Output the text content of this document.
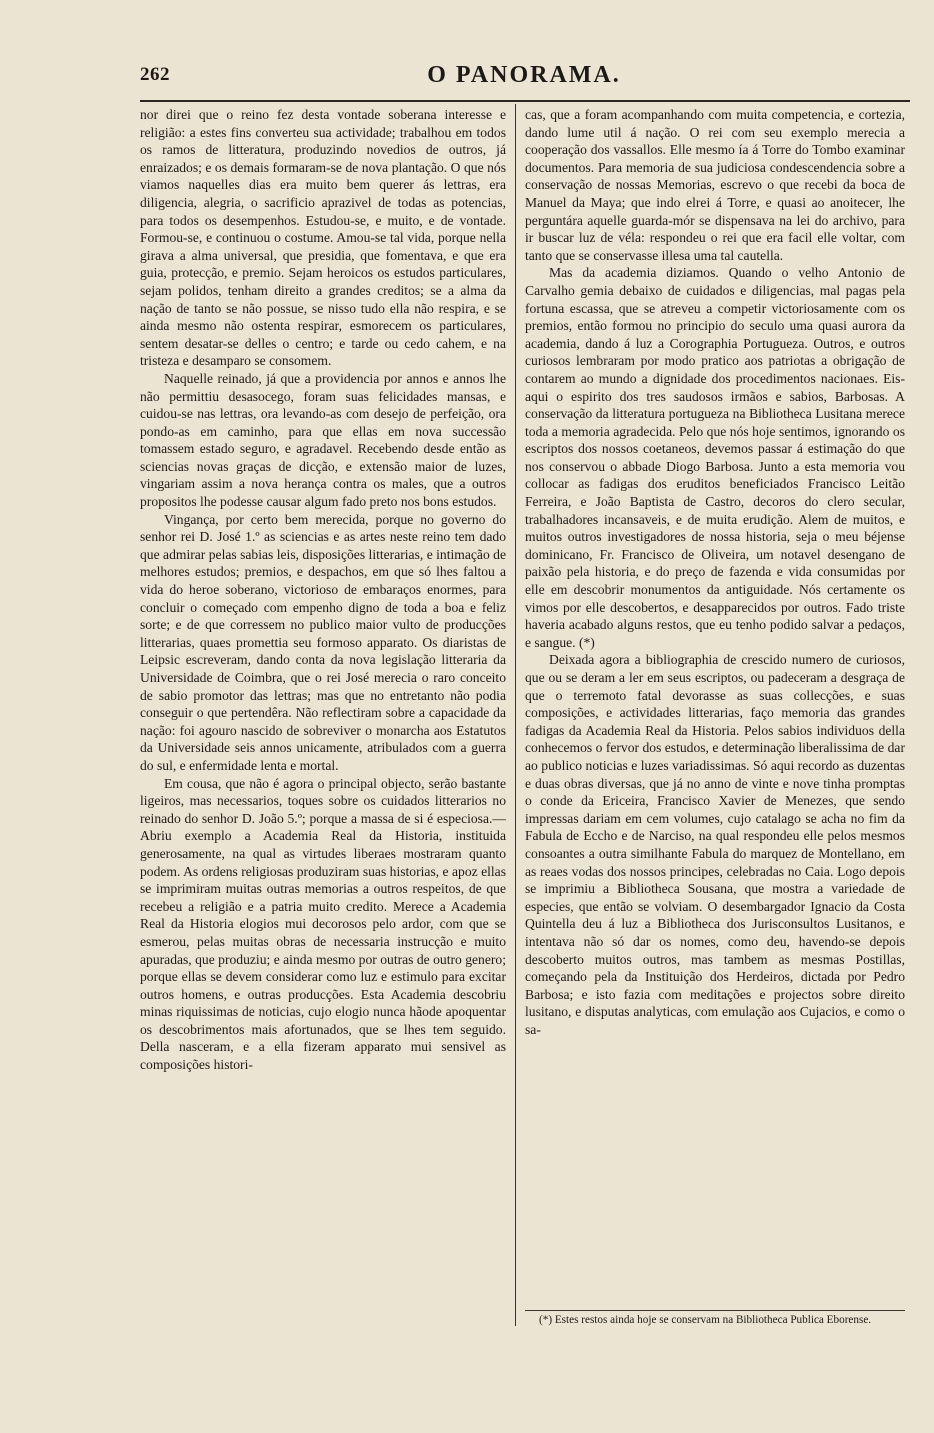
262	O PANORAMA.

nor direi que o reino fez desta vontade soberana interesse e religião: a estes fins converteu sua actividade; trabalhou em todos os ramos de litteratura, produzindo novedios de outros, já enraizados; e os demais formaram-se de nova plantação. O que nós viamos naquelles dias era muito bem querer ás lettras, era diligencia, alegria, o sacrificio aprazivel de todas as potencias, para todos os desempenhos. Estudou-se, e muito, e de vontade. Formou-se, e continuou o costume. Amou-se tal vida, porque nella girava a alma universal, que presidia, que fomentava, e que era guia, protecção, e premio. Sejam heroicos os estudos particulares, sejam polidos, tenham direito a grandes creditos; se a alma da nação de tanto se não possue, se nisso tudo ella não respira, e se ainda mesmo não ostenta respirar, esmorecem os particulares, sentem desatar-se delles o centro; e tarde ou cedo cahem, e na tristeza e desamparo se consomem.

Naquelle reinado, já que a providencia por annos e annos lhe não permittiu desasocego, foram suas felicidades mansas, e cuidou-se nas lettras, ora levando-as com desejo de perfeição, ora pondo-as em caminho, para que ellas em nova successão tomassem estado seguro, e agradavel. Recebendo desde então as sciencias novas graças de dicção, e extensão maior de luzes, vingariam assim a nova herança contra os males, que a outros propositos lhe podesse causar algum fado preto nos bons estudos.

Vingança, por certo bem merecida, porque no governo do senhor rei D. José 1.º as sciencias e as artes neste reino tem dado que admirar pelas sabias leis, disposições litterarias, e intimação de melhores estudos; premios, e despachos, em que só lhes faltou a vida do heroe soberano, victorioso de embaraços enormes, para concluir o começado com empenho digno de toda a boa e feliz sorte; e de que corressem no publico maior vulto de producções litterarias, quaes promettia seu formoso apparato. Os diaristas de Leipsic escreveram, dando conta da nova legislação litteraria da Universidade de Coimbra, que o rei José merecia o raro conceito de sabio promotor das lettras; mas que no entretanto não podia conseguir o que pertendêra. Não reflectiram sobre a capacidade da nação: foi agouro nascido de sobreviver o monarcha aos Estatutos da Universidade seis annos unicamente, atribulados com a guerra do sul, e enfermidade lenta e mortal.

Em cousa, que não é agora o principal objecto, serão bastante ligeiros, mas necessarios, toques sobre os cuidados litterarios no reinado do senhor D. João 5.º; porque a massa de si é especiosa.— Abriu exemplo a Academia Real da Historia, instituida generosamente, na qual as virtudes liberaes mostraram quanto podem. As ordens religiosas produziram suas historias, e apoz ellas se imprimiram muitas outras memorias a outros respeitos, de que recebeu a religião e a patria muito credito. Merece a Academia Real da Historia elogios mui decorosos pelo ardor, com que se esmerou, pelas muitas obras de necessaria instrucção e muito apuradas, que produziu; e ainda mesmo por outras de outro genero; porque ellas se devem considerar como luz e estimulo para excitar outros homens, e outras producções. Esta Academia descobriu minas riquissimas de noticias, cujo elogio nunca hãode apoquentar os descobrimentos mais afortunados, que se lhes tem seguido. Della nasceram, e a ella fizeram apparato mui sensivel as composições histori-

cas, que a foram acompanhando com muita competencia, e cortezia, dando lume util á nação. O rei com seu exemplo merecia a cooperação dos vassallos. Elle mesmo ía á Torre do Tombo examinar documentos. Para memoria de sua judiciosa condescendencia sobre a conservação de nossas Memorias, escrevo o que recebi da boca de Manuel da Maya; que indo elrei á Torre, e quasi ao anoitecer, lhe perguntára aquelle guarda-mór se dispensava na lei do archivo, para ir buscar luz de véla: respondeu o rei que era facil elle voltar, com tanto que se conservasse illesa uma tal cautella.

Mas da academia diziamos. Quando o velho Antonio de Carvalho gemia debaixo de cuidados e diligencias, mal pagas pela fortuna escassa, que se atreveu a competir victoriosamente com os premios, então formou no principio do seculo uma quasi aurora da academia, dando á luz a Corographia Portugueza. Outros, e outros curiosos lembraram por modo pratico aos patriotas a obrigação de contarem ao mundo a dignidade dos procedimentos nacionaes. Eis-aqui o espirito dos tres saudosos irmãos e sabios, Barbosas. A conservação da litteratura portugueza na Bibliotheca Lusitana merece toda a memoria agradecida. Pelo que nós hoje sentimos, ignorando os escriptos dos nossos coetaneos, devemos passar á estimação do que nos conservou o abbade Diogo Barbosa. Junto a esta memoria vou collocar as fadigas dos eruditos beneficiados Francisco Leitão Ferreira, e João Baptista de Castro, decoros do clero secular, trabalhadores incansaveis, e de muita erudição. Alem de muitos, e muitos outros investigadores de nossa historia, seja o meu béjense dominicano, Fr. Francisco de Oliveira, um notavel desengano de paixão pela historia, e do preço de fazenda e vida consumidas por elle em descobrir monumentos da antiguidade. Nós certamente os vimos por elle descobertos, e desapparecidos por outros. Fado triste haveria acabado alguns restos, que eu tenho podido salvar a pedaços, e sangue. (*)

Deixada agora a bibliographia de crescido numero de curiosos, que ou se deram a ler em seus escriptos, ou padeceram a desgraça de que o terremoto fatal devorasse as suas collecções, e suas composições, e actividades litterarias, faço memoria das grandes fadigas da Academia Real da Historia. Pelos sabios individuos della conhecemos o fervor dos estudos, e determinação liberalissima de dar ao publico noticias e luzes variadissimas. Só aqui recordo as duzentas e duas obras diversas, que já no anno de vinte e nove tinha promptas o conde da Ericeira, Francisco Xavier de Menezes, que sendo impressas dariam em cem volumes, cujo catalago se acha no fim da Fabula de Eccho e de Narciso, na qual respondeu elle pelos mesmos consoantes a outra similhante Fabula do marquez de Montellano, em as reaes vodas dos nossos principes, celebradas no Caia. Logo depois se imprimiu a Bibliotheca Sousana, que mostra a variedade de especies, que então se volviam. O desembargador Ignacio da Costa Quintella deu á luz a Bibliotheca dos Jurisconsultos Lusitanos, e intentava não só dar os nomes, como deu, havendo-se depois descoberto muitos outros, mas tambem as mesmas Postillas, começando pela da Instituição dos Herdeiros, dictada por Pedro Barbosa; e isto fazia com meditações e projectos sobre direito lusitano, e disputas analyticas, com emulação aos Cujacios, e como o sa-

(*) Estes restos ainda hoje se conservam na Bibliotheca Publica Eborense.
